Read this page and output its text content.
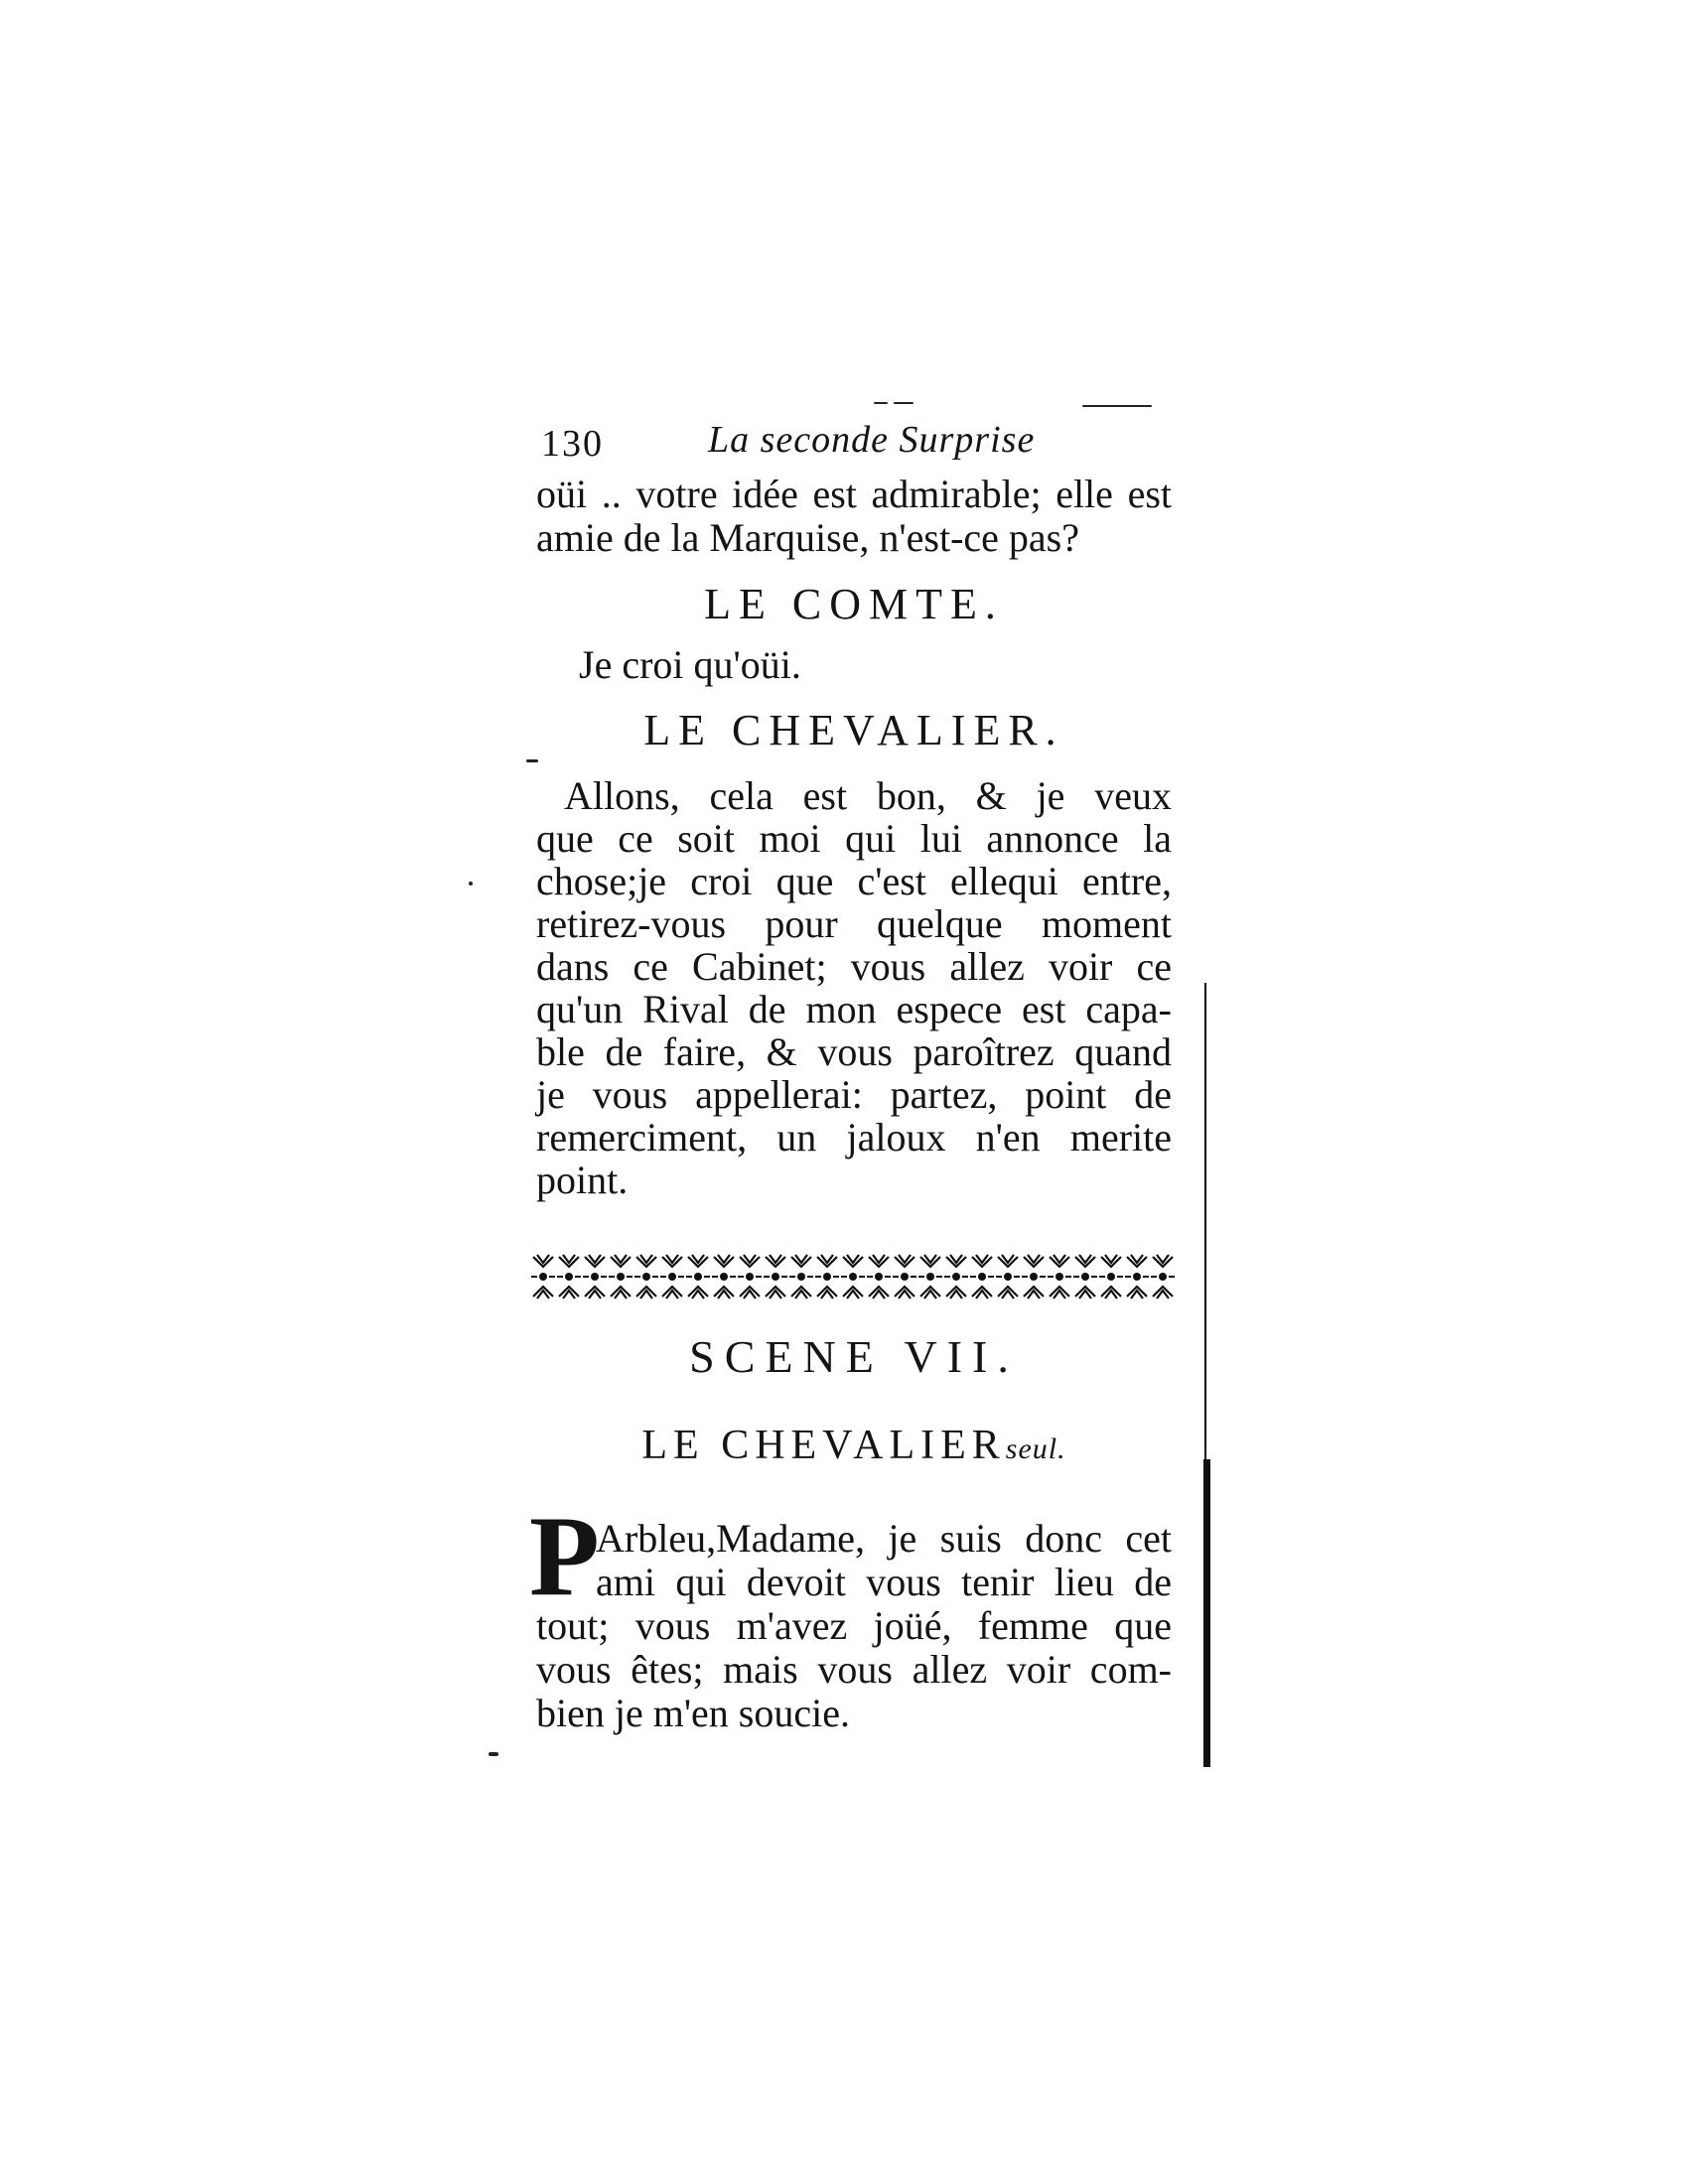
130	La seconde Surprise
oüi .. votre idée est admirable; elle est
amie de la Marquise, n'est-ce pas?
LE COMTE.
Je croi qu'oüi.
LE CHEVALIER.
Allons, cela est bon, & je veux
que ce soit moi qui lui annonce la
chose;je croi que c'est ellequi entre,
retirez-vous pour quelque moment
dans ce Cabinet; vous allez voir ce
qu'un Rival de mon espece est capa-
ble de faire, & vous paroîtrez quand
je vous appellerai: partez, point de
remerciment, un jaloux n'en merite
point.
SCENE VII.
LE CHEVALIERseul.
P
Arbleu,Madame, je suis donc cet
ami qui devoit vous tenir lieu de
tout; vous m'avez joüé, femme que
vous êtes; mais vous allez voir com-
bien je m'en soucie.
